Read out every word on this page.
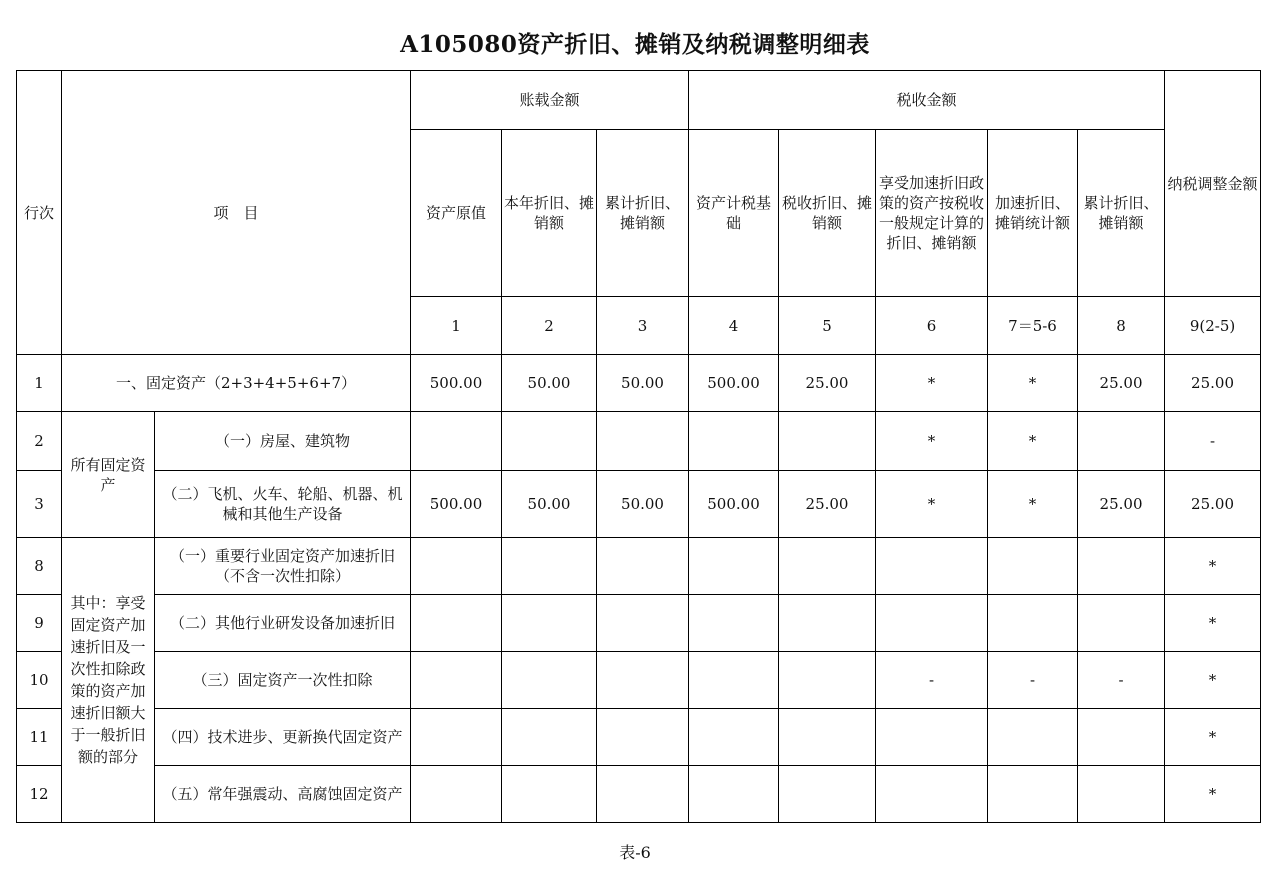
A105080资产折旧、摊销及纳税调整明细表
行次	项　目		账载金额			税收金额					纳税调整金额
			资产原值	本年折旧、摊销额	累计折旧、摊销额	资产计税基础	税收折旧、摊销额	享受加速折旧政策的资产按税收一般规定计算的折旧、摊销额	加速折旧、摊销统计额	累计折旧、摊销额	
			1	2	3	4	5	6	7＝5-6	8	9(2-5)
1	一、固定资产（2+3+4+5+6+7）		500.00	50.00	50.00	500.00	25.00	*	*	25.00	25.00
2	所有固定资产	（一）房屋、建筑物						*	*		-
3		（二）飞机、火车、轮船、机器、机械和其他生产设备	500.00	50.00	50.00	500.00	25.00	*	*	25.00	25.00
8	其中：享受固定资产加速折旧及一次性扣除政策的资产加速折旧额大于一般折旧额的部分	（一）重要行业固定资产加速折旧（不含一次性扣除）									*
9		（二）其他行业研发设备加速折旧									*
10		（三）固定资产一次性扣除						-	-	-	*
11		（四）技术进步、更新换代固定资产									*
12		（五）常年强震动、高腐蚀固定资产									*
表-6
